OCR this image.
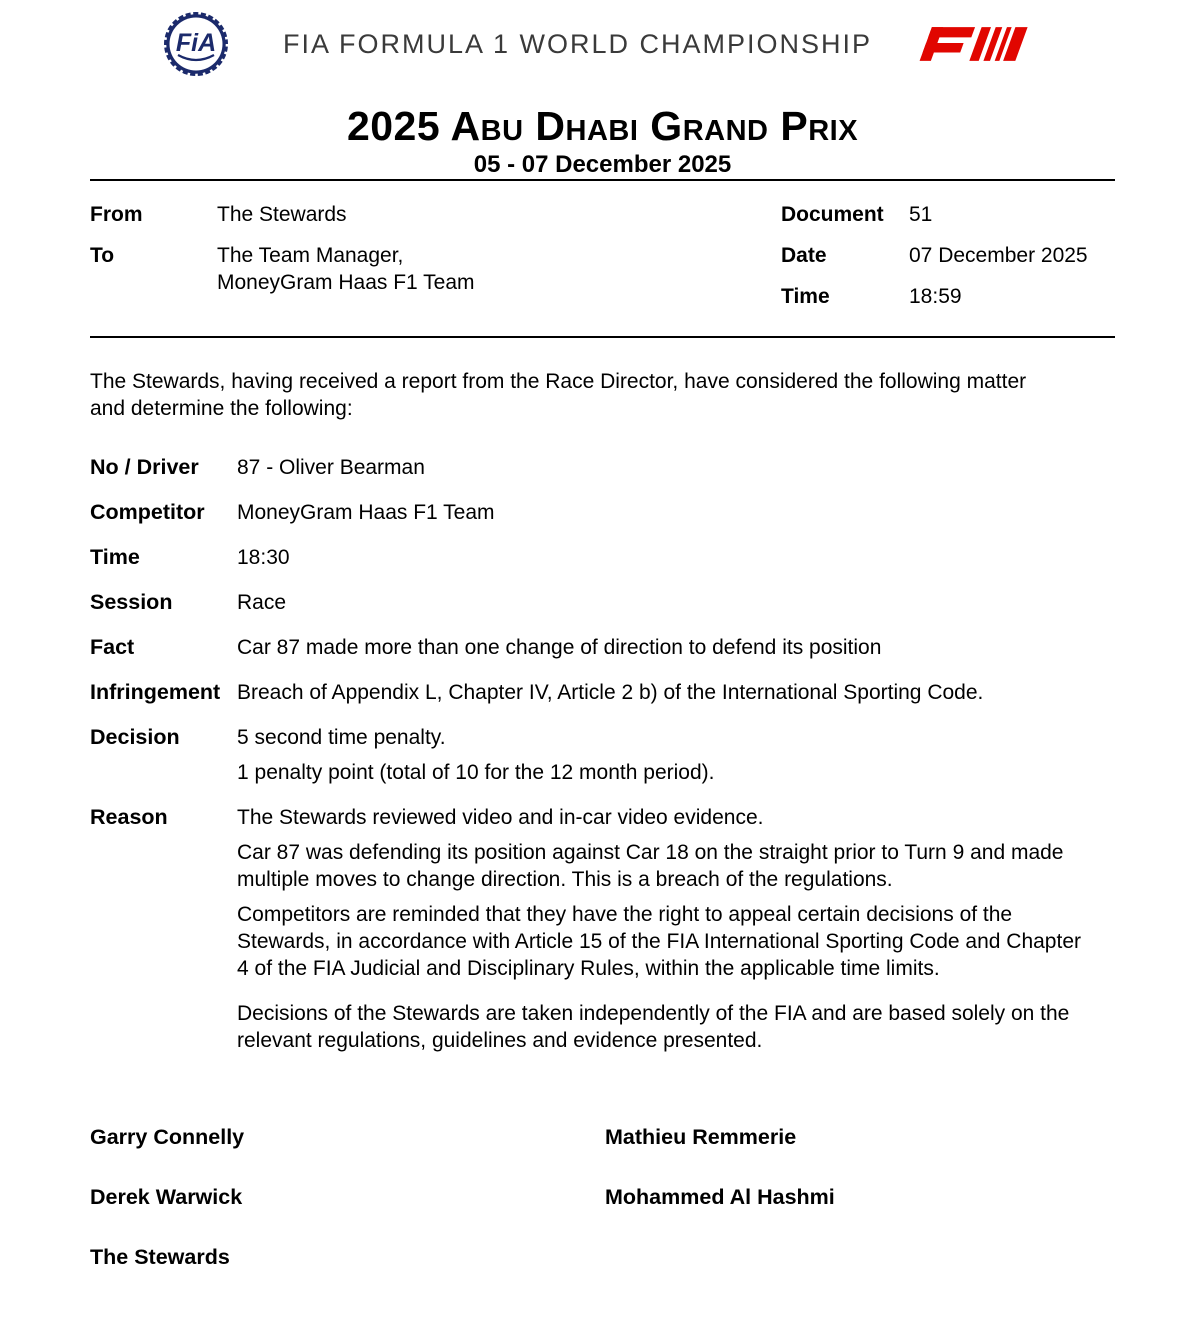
FiA	FIA FORMULA 1 WORLD CHAMPIONSHIP
2025 Abu Dhabi Grand Prix
05 - 07 December 2025
From	The Stewards
To	The Team Manager,
MoneyGram Haas F1 Team
Document	51
Date	07 December 2025
Time	18:59

The Stewards, having received a report from the Race Director, have considered the following matter and determine the following:

No / Driver	87 - Oliver Bearman

Competitor	MoneyGram Haas F1 Team

Time	18:30

Session	Race

Fact	Car 87 made more than one change of direction to defend its position

Infringement Breach of Appendix L, Chapter IV, Article 2 b) of the International Sporting Code.

Decision	5 second time penalty.

1 penalty point (total of 10 for the 12 month period).

Reason	The Stewards reviewed video and in-car video evidence.

Car 87 was defending its position against Car 18 on the straight prior to Turn 9 and made multiple moves to change direction. This is a breach of the regulations.

Competitors are reminded that they have the right to appeal certain decisions of the Stewards, in accordance with Article 15 of the FIA International Sporting Code and Chapter 4 of the FIA Judicial and Disciplinary Rules, within the applicable time limits.

Decisions of the Stewards are taken independently of the FIA and are based solely on the relevant regulations, guidelines and evidence presented.

Garry Connelly	Mathieu Remmerie
Derek Warwick	Mohammed Al Hashmi
The Stewards
